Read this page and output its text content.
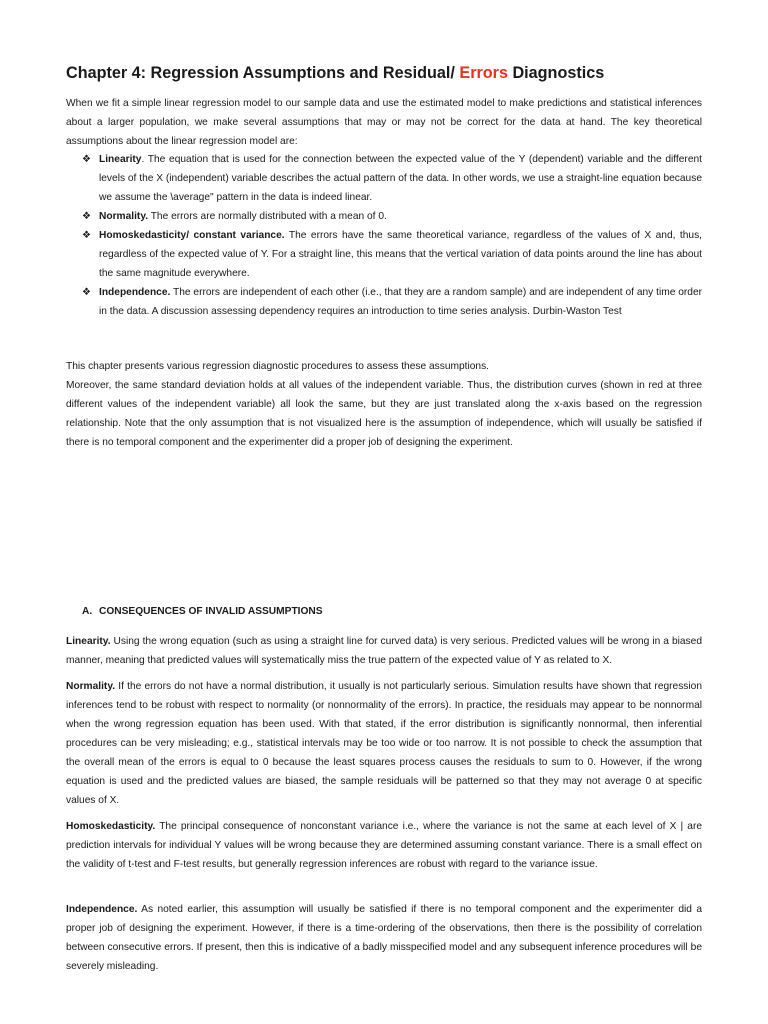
Chapter 4: Regression Assumptions and Residual/ Errors Diagnostics

When we fit a simple linear regression model to our sample data and use the estimated model to make predictions and statistical inferences about a larger population, we make several assumptions that may or may not be correct for the data at hand. The key theoretical assumptions about the linear regression model are:

❖ Linearity. The equation that is used for the connection between the expected value of the Y (dependent) variable and the different levels of the X (independent) variable describes the actual pattern of the data. In other words, we use a straight-line equation because we assume the \average" pattern in the data is indeed linear.
❖ Normality. The errors are normally distributed with a mean of 0.
❖ Homoskedasticity/ constant variance. The errors have the same theoretical variance, regardless of the values of X and, thus, regardless of the expected value of Y. For a straight line, this means that the vertical variation of data points around the line has about the same magnitude everywhere.
❖ Independence. The errors are independent of each other (i.e., that they are a random sample) and are independent of any time order in the data. A discussion assessing dependency requires an introduction to time series analysis. Durbin-Waston Test

This chapter presents various regression diagnostic procedures to assess these assumptions.

Moreover, the same standard deviation holds at all values of the independent variable. Thus, the distribution curves (shown in red at three different values of the independent variable) all look the same, but they are just translated along the x-axis based on the regression relationship. Note that the only assumption that is not visualized here is the assumption of independence, which will usually be satisfied if there is no temporal component and the experimenter did a proper job of designing the experiment.

A. CONSEQUENCES OF INVALID ASSUMPTIONS

Linearity. Using the wrong equation (such as using a straight line for curved data) is very serious. Predicted values will be wrong in a biased manner, meaning that predicted values will systematically miss the true pattern of the expected value of Y as related to X.

Normality. If the errors do not have a normal distribution, it usually is not particularly serious. Simulation results have shown that regression inferences tend to be robust with respect to normality (or nonnormality of the errors). In practice, the residuals may appear to be nonnormal when the wrong regression equation has been used. With that stated, if the error distribution is significantly nonnormal, then inferential procedures can be very misleading; e.g., statistical intervals may be too wide or too narrow. It is not possible to check the assumption that the overall mean of the errors is equal to 0 because the least squares process causes the residuals to sum to 0. However, if the wrong equation is used and the predicted values are biased, the sample residuals will be patterned so that they may not average 0 at specific values of X.

Homoskedasticity. The principal consequence of nonconstant variance i.e., where the variance is not the same at each level of X | are prediction intervals for individual Y values will be wrong because they are determined assuming constant variance. There is a small effect on the validity of t-test and F-test results, but generally regression inferences are robust with regard to the variance issue.

Independence. As noted earlier, this assumption will usually be satisfied if there is no temporal component and the experimenter did a proper job of designing the experiment. However, if there is a time-ordering of the observations, then there is the possibility of correlation between consecutive errors. If present, then this is indicative of a badly misspecified model and any subsequent inference procedures will be severely misleading.
